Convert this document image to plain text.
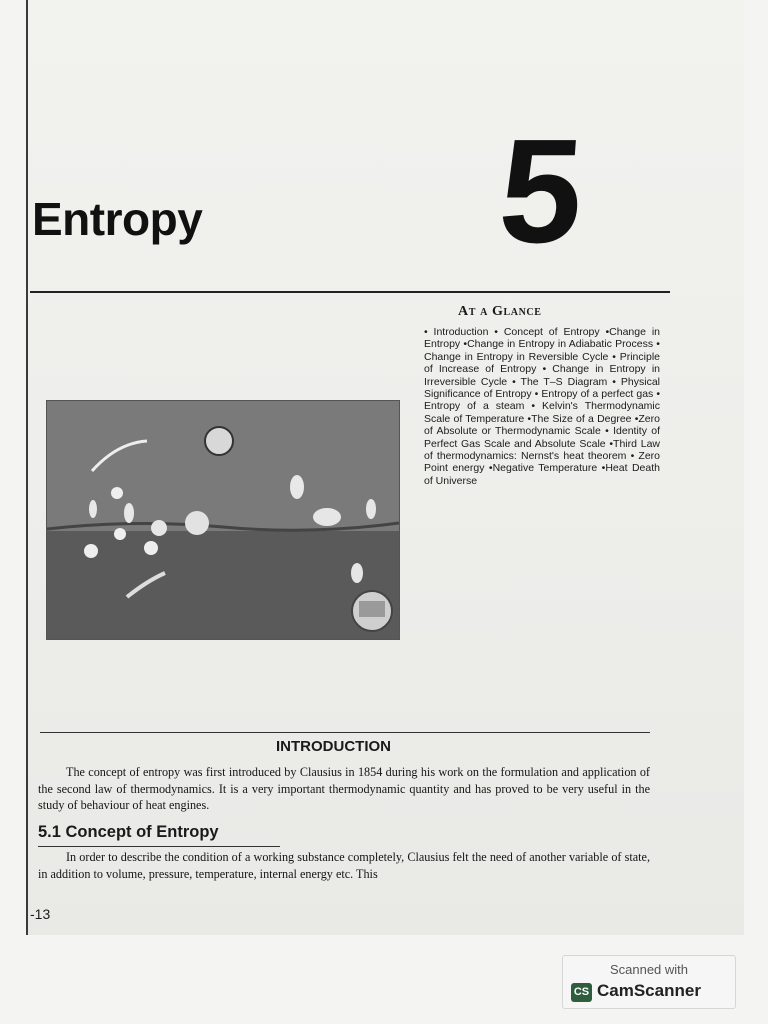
Entropy 5
At a Glance
• Introduction • Concept of Entropy •Change in Entropy •Change in Entropy in Adiabatic Process • Change in Entropy in Reversible Cycle • Principle of Increase of Entropy • Change in Entropy in Irreversible Cycle • The T–S Diagram • Physical Significance of Entropy • Entropy of a perfect gas • Entropy of a steam • Kelvin's Thermodynamic Scale of Temperature •The Size of a Degree •Zero of Absolute or Thermodynamic Scale • Identity of Perfect Gas Scale and Absolute Scale •Third Law of thermodynamics: Nernst's heat theorem • Zero Point energy •Negative Temperature •Heat Death of Universe
INTRODUCTION
The concept of entropy was first introduced by Clausius in 1854 during his work on the formulation and application of the second law of thermodynamics. It is a very important thermodynamic quantity and has proved to be very useful in the study of behaviour of heat engines.
5.1 Concept of Entropy
In order to describe the condition of a working substance completely, Clausius felt the need of another variable of state, in addition to volume, pressure, temperature, internal energy etc. This
-13
Scanned with
CS CamScanner
